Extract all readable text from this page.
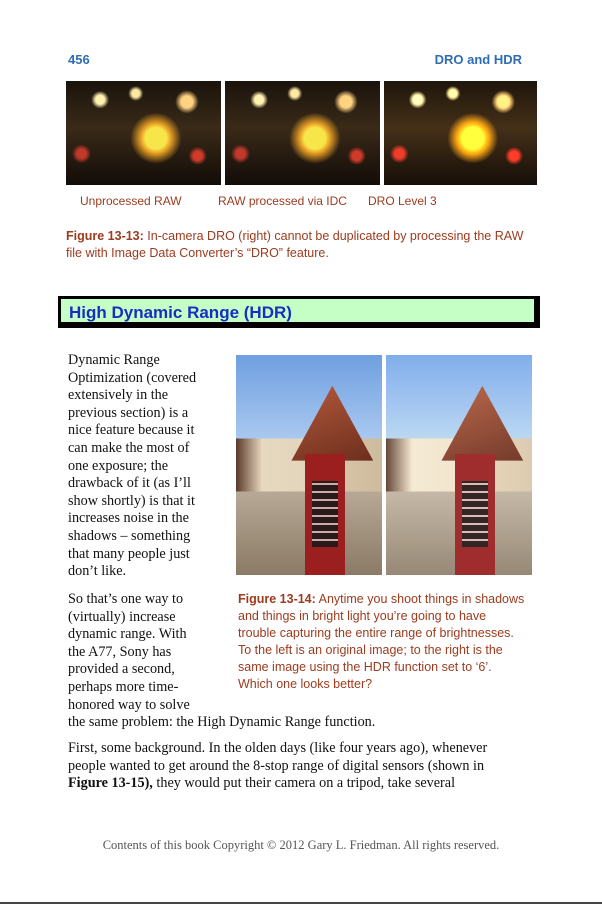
456	DRO and HDR
Unprocessed RAW	RAW processed via IDC DRO Level 3
Figure 13-13: In-camera DRO (right) cannot be duplicated by processing the RAW file with Image Data Converter’s “DRO” feature.
High Dynamic Range (HDR)
Dynamic Range
Optimization (covered
extensively in the
previous section) is a
nice feature because it
can make the most of
one exposure; the
drawback of it (as I’ll
show shortly) is that it
increases noise in the
shadows – something
that many people just
don’t like.
So that’s one way to
(virtually) increase
dynamic range. With
the A77, Sony has
provided a second,
perhaps more time-
honored way to solve
the same problem: the High Dynamic Range function.
Figure 13-14: Anytime you shoot things in shadows
and things in bright light you’re going to have
trouble capturing the entire range of brightnesses.
To the left is an original image; to the right is the
same image using the HDR function set to ‘6’.
Which one looks better?
First, some background. In the olden days (like four years ago), whenever
people wanted to get around the 8-stop range of digital sensors (shown in
Figure 13-15), they would put their camera on a tripod, take several
Contents of this book Copyright © 2012 Gary L. Friedman. All rights reserved.
